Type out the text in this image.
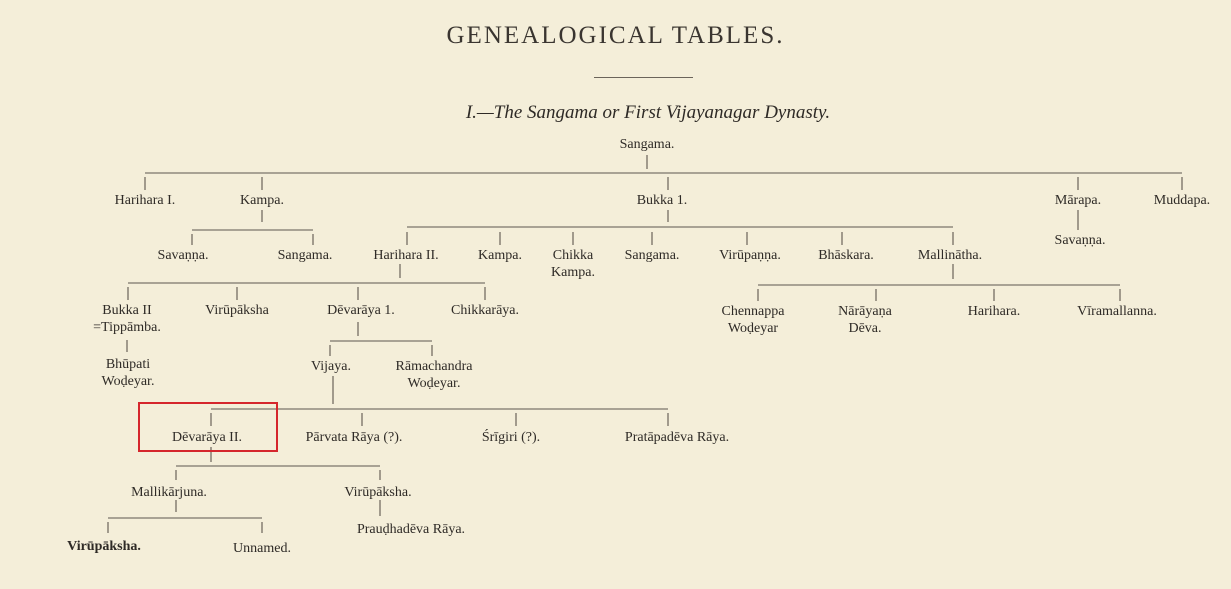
GENEALOGICAL TABLES.
I.—The Sangama or First Vijayanagar Dynasty.
Sangama.
Harihara I.	Kampa.	Bukka 1.	Mārapa.	Muddapa.
Savaṇṇa.	Sangama.	Harihara II.	Kampa. Chikka
Kampa.
Sangama.	Virūpaṇṇa.	Bhāskara.	Mallinātha.
Savaṇṇa.
Bukka II
=Tippāmba.
Virūpāksha	Dēvarāya 1.	Chikkarāya.	Chennappa
Woḍeyar
Nārāyaṇa
Dēva.
Harihara.	Vīramallanna.
Bhūpati
Woḍeyar.
Vijaya.	Rāmachandra
Woḍeyar.
Dēvarāya II.	Pārvata Rāya (?).	Śrīgiri (?).	Pratāpadēva Rāya.
Mallikārjuna.	Virūpāksha.
Virūpāksha.	Unnamed.
Prauḍhadēva Rāya.
